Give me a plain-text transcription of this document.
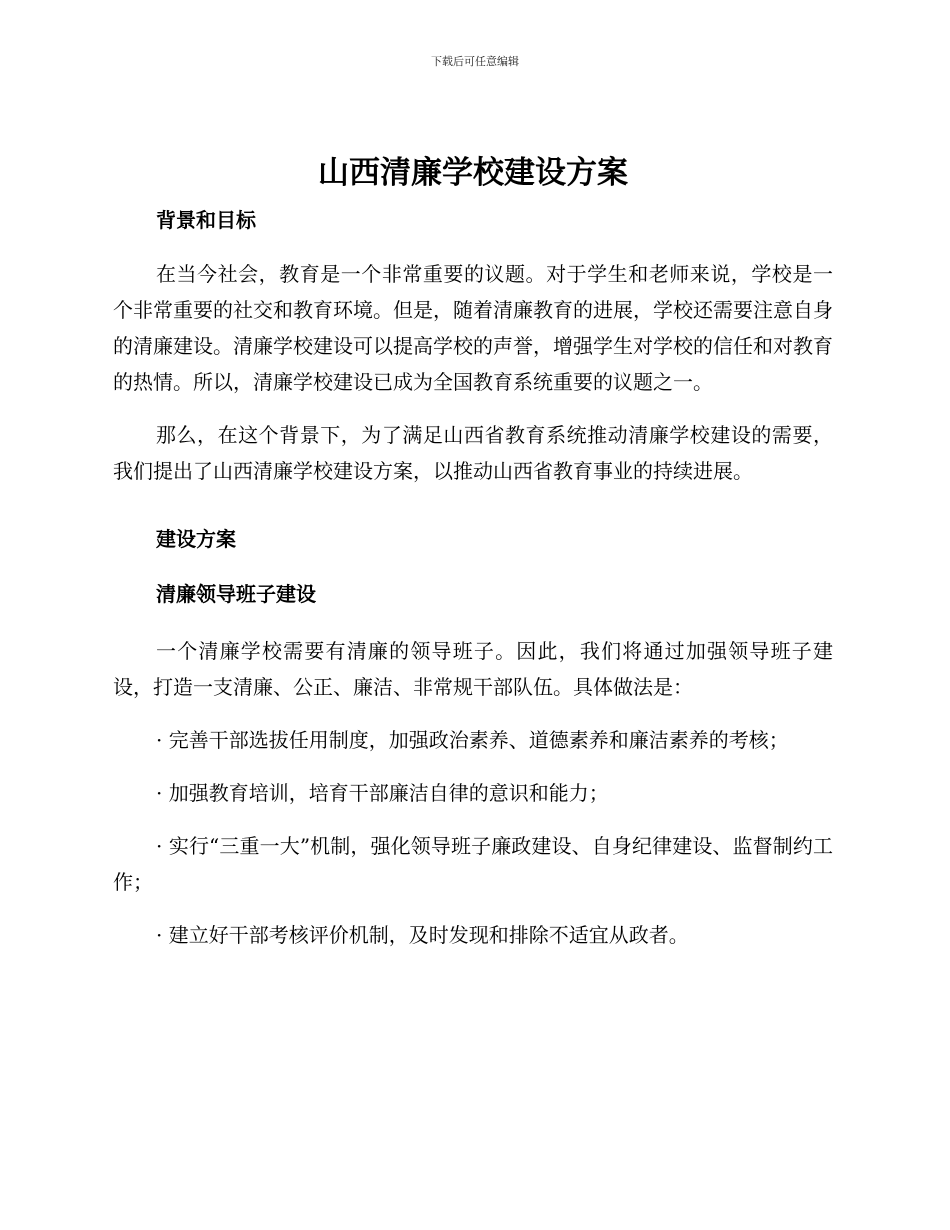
下载后可任意编辑
山西清廉学校建设方案
背景和目标

在当今社会，教育是一个非常重要的议题。对于学生和老师来说，学校是一个非常重要的社交和教育环境。但是，随着清廉教育的进展，学校还需要注意自身的清廉建设。清廉学校建设可以提高学校的声誉，增强学生对学校的信任和对教育的热情。所以，清廉学校建设已成为全国教育系统重要的议题之一。

那么，在这个背景下，为了满足山西省教育系统推动清廉学校建设的需要，我们提出了山西清廉学校建设方案，以推动山西省教育事业的持续进展。

建设方案
清廉领导班子建设

一个清廉学校需要有清廉的领导班子。因此，我们将通过加强领导班子建设，打造一支清廉、公正、廉洁、非常规干部队伍。具体做法是：

· 完善干部选拔任用制度，加强政治素养、道德素养和廉洁素养的考核；

· 加强教育培训，培育干部廉洁自律的意识和能力；

· 实行“三重一大”机制，强化领导班子廉政建设、自身纪律建设、监督制约工作；

· 建立好干部考核评价机制，及时发现和排除不适宜从政者。
